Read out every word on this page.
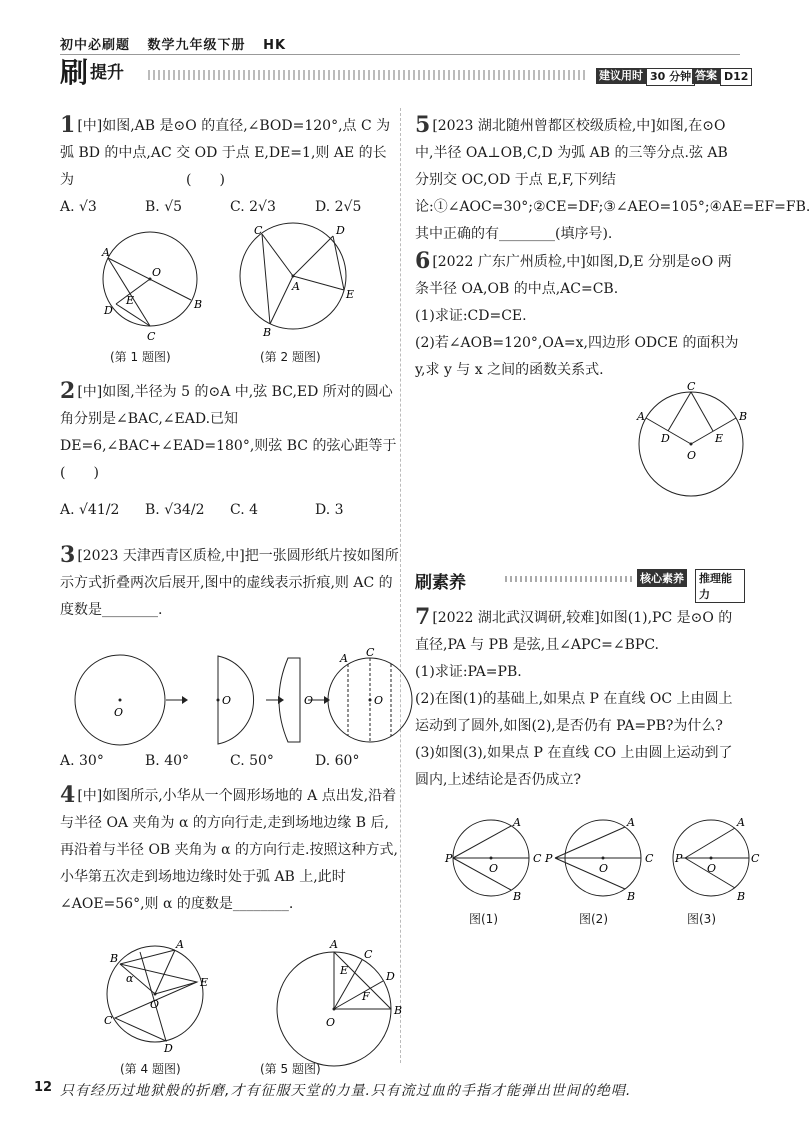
初中必刷题 数学九年级下册 HK
刷提升	建议用时 30 分钟 答案 D12
1 [中]如图,AB 是⊙O 的直径,∠BOD=120°,点 C 为弧 BD 的中点,AC 交 OD 于点 E,DE=1,则 AE 的长为　　　　　　　　(　　)
A. √3	B. √5	C. 2√3	D. 2√5
A
O
B
D
E
C
C	D
A
E
B
(第 1 题图)	(第 2 题图)
2 [中]如图,半径为 5 的⊙A 中,弦 BC,ED 所对的圆心角分别是∠BAC,∠EAD.已知 DE=6,∠BAC+∠EAD=180°,则弦 BC 的弦心距等于　　　　　　　　　　　　　　(　　)
A. √41/2	B. √34/2	C. 4	D. 3
3 [2023 天津西青区质检,中]把一张圆形纸片按如图所示方式折叠两次后展开,图中的虚线表示折痕,则 AC 的度数是________.
O
O	O	O
A C
A. 30°	B. 40°	C. 50°	D. 60°
4 [中]如图所示,小华从一个圆形场地的 A 点出发,沿着与半径 OA 夹角为 α 的方向行走,走到场地边缘 B 后,再沿着与半径 OB 夹角为 α 的方向行走.按照这种方式,小华第五次走到场地边缘时处于弧 AB 上,此时∠AOE=56°,则 α 的度数是________.
A
B
E
C
D
O
α
A
C
D
E
F
B
O
(第 4 题图)	(第 5 题图)
5 [2023 湖北随州曾都区校级质检,中]如图,在⊙O 中,半径 OA⊥OB,C,D 为弧 AB 的三等分点.弦 AB 分别交 OC,OD 于点 E,F,下列结论:①∠AOC=30°;②CE=DF;③∠AEO=105°;④AE=EF=FB.其中正确的有________(填序号).
6 [2022 广东广州质检,中]如图,D,E 分别是⊙O 两条半径 OA,OB 的中点,AC=CB.
(1)求证:CD=CE.
(2)若∠AOB=120°,OA=x,四边形 ODCE 的面积为 y,求 y 与 x 之间的函数关系式.
C
A	B
D	E
O
刷素养	核心素养	推理能力
7 [2022 湖北武汉调研,较难]如图(1),PC 是⊙O 的直径,PA 与 PB 是弦,且∠APC=∠BPC.
(1)求证:PA=PB.
(2)在图(1)的基础上,如果点 P 在直线 OC 上由圆上运动到了圆外,如图(2),是否仍有 PA=PB?为什么?
(3)如图(3),如果点 P 在直线 CO 上由圆上运动到了圆内,上述结论是否仍成立?
P
O
C
A
B
P
O
C
A
B
P
O
C
A
B
图(1)	图(2)	图(3)
12 只有经历过地狱般的折磨,才有征服天堂的力量.只有流过血的手指才能弹出世间的绝唱.
